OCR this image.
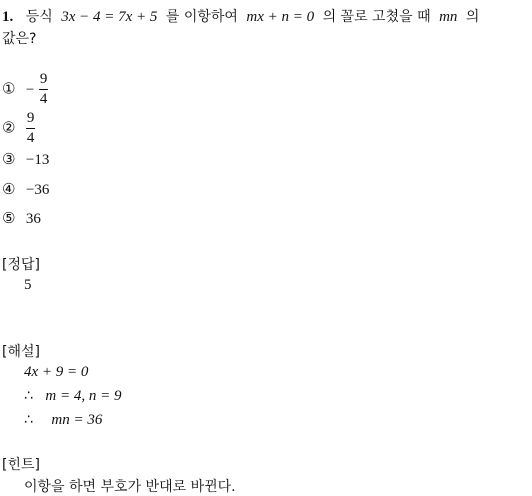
1. 등식 3x − 4 = 7x + 5 를 이항하여 mx + n = 0 의 꼴로 고쳤을 때 mn 의
값은?
① − $\frac{9}{4}$
② $\frac{9}{4}$
③ −13
④ −36
⑤ 36
[정답]
5
[해설]
4x + 9 = 0
∴ m = 4, n = 9
∴ mn = 36
[힌트]
이항을 하면 부호가 반대로 바뀐다.
